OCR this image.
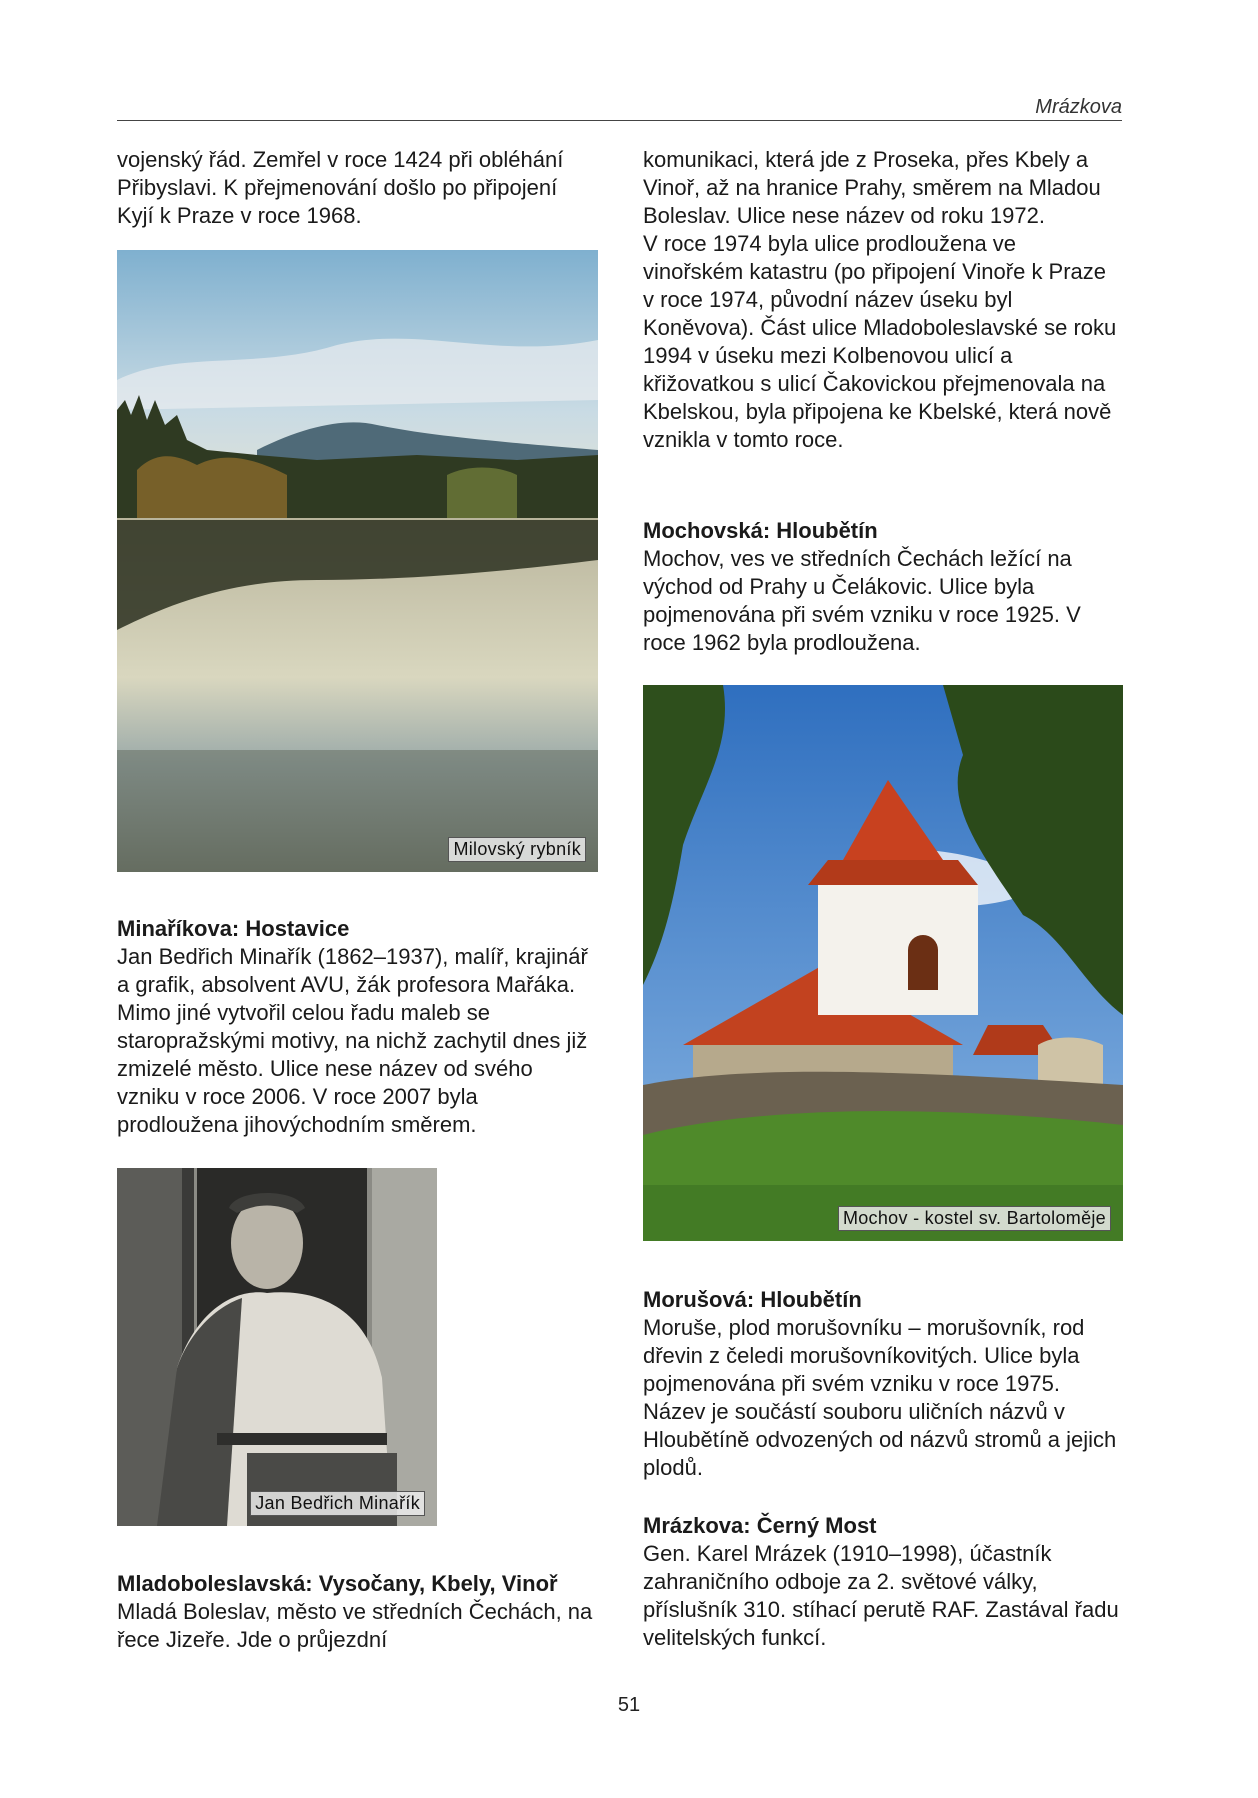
Mrázkova

vojenský řád. Zemřel v roce 1424 při obléhání Přibyslavi. K přejmenování došlo po připojení Kyjí k Praze v roce 1968.

Milovský rybník
Minaříkova: Hostavice

Jan Bedřich Minařík (1862–1937), malíř, krajinář a grafik, absolvent AVU, žák profesora Mařáka. Mimo jiné vytvořil celou řadu maleb se staropražskými motivy, na nichž zachytil dnes již zmizelé město. Ulice nese název od svého vzniku v roce 2006. V roce 2007 byla prodloužena jihovýchodním směrem.

Jan Bedřich Minařík
Mladoboleslavská: Vysočany, Kbely, Vinoř

Mladá Boleslav, město ve středních Čechách, na řece Jizeře. Jde o průjezdní

komunikaci, která jde z Proseka, přes Kbely a Vinoř, až na hranice Prahy, směrem na Mladou Boleslav. Ulice nese název od roku 1972.

V roce 1974 byla ulice prodloužena ve vinořském katastru (po připojení Vinoře k Praze v roce 1974, původní název úseku byl Koněvova). Část ulice Mladoboleslavské se roku 1994 v úseku mezi Kolbenovou ulicí a křižovatkou s ulicí Čakovickou přejmenovala na Kbelskou, byla připojena ke Kbelské, která nově vznikla v tomto roce.

Mochovská: Hloubětín

Mochov, ves ve středních Čechách ležící na východ od Prahy u Čelákovic. Ulice byla pojmenována při svém vzniku v roce 1925. V roce 1962 byla prodloužena.

Mochov - kostel sv. Bartoloměje
Morušová: Hloubětín

Moruše, plod morušovníku – morušovník, rod dřevin z čeledi morušovníkovitých. Ulice byla pojmenována při svém vzniku v roce 1975. Název je součástí souboru uličních názvů v Hloubětíně odvozených od názvů stromů a jejich plodů.

Mrázkova: Černý Most

Gen. Karel Mrázek (1910–1998), účastník zahraničního odboje za 2. světové války, příslušník 310. stíhací perutě RAF. Zastával řadu velitelských funkcí.

51
